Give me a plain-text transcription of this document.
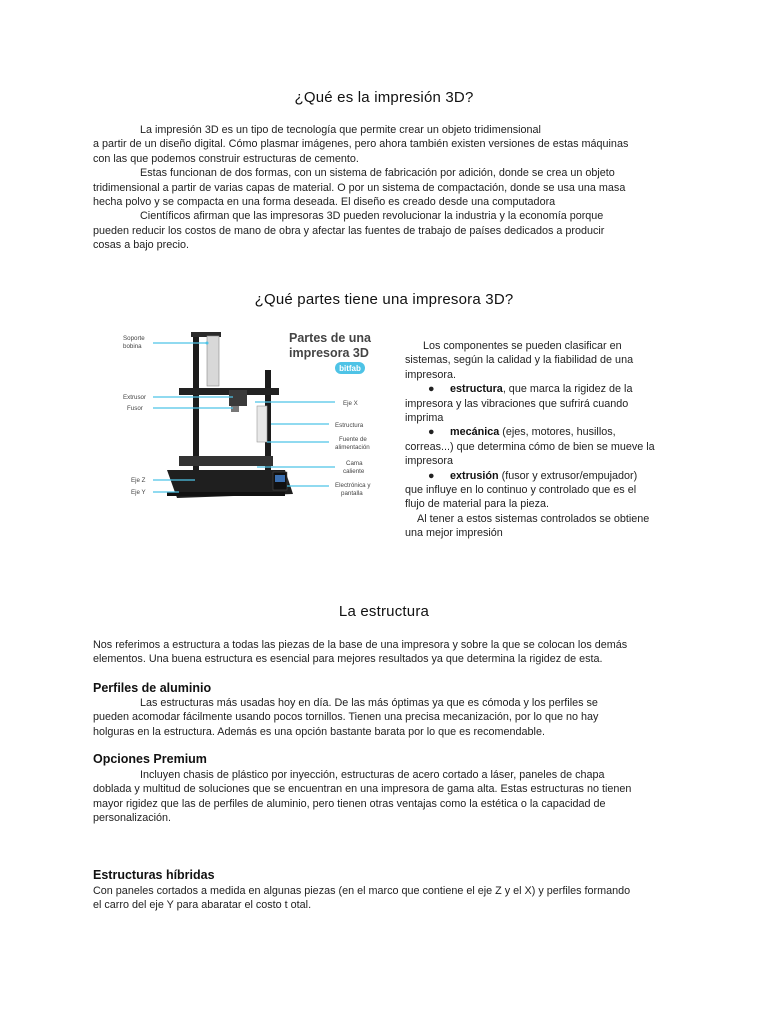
¿Qué es la impresión 3D?
La impresión 3D es un tipo de tecnología que permite crear un objeto tridimensional
a partir de un diseño digital. Cómo plasmar imágenes, pero ahora también existen versiones de estas máquinas
con las que podemos construir estructuras de cemento.
Estas funcionan de dos formas, con un sistema de fabricación por adición, donde se crea un objeto
tridimensional a partir de varias capas de material. O por un sistema de compactación, donde se usa una masa
hecha polvo y se compacta en una forma deseada. El diseño es creado desde una computadora
Científicos afirman que las impresoras 3D pueden revolucionar la industria y la economía porque
pueden reducir los costos de mano de obra y afectar las fuentes de trabajo de países dedicados a producir
cosas a bajo precio.
¿Qué partes tiene una impresora 3D?
Partes de una
impresora 3D
bitfab
Soporte
bobina
Extrusor
Fusor
Eje Z
Eje Y
Eje X
Estructura
Fuente de
alimentación
Cama
caliente
Electrónica y
pantalla
Los componentes se pueden clasificar en
sistemas, según la calidad y la fiabilidad de una
impresora.
● estructura, que marca la rigidez de la
impresora y las vibraciones que sufrirá cuando
imprima
● mecánica (ejes, motores, husillos,
correas...) que determina cómo de bien se mueve la
impresora
● extrusión (fusor y extrusor/empujador)
que influye en lo continuo y controlado que es el
flujo de material para la pieza.
Al tener a estos sistemas controlados se obtiene
una mejor impresión
La estructura
Nos referimos a estructura a todas las piezas de la base de una impresora y sobre la que se colocan los demás
elementos. Una buena estructura es esencial para mejores resultados ya que determina la rigidez de esta.
Perfiles de aluminio
Las estructuras más usadas hoy en día. De las más óptimas ya que es cómoda y los perfiles se
pueden acomodar fácilmente usando pocos tornillos. Tienen una precisa mecanización, por lo que no hay
holguras en la estructura. Además es una opción bastante barata por lo que es recomendable.
Opciones Premium
Incluyen chasis de plástico por inyección, estructuras de acero cortado a láser, paneles de chapa
doblada y multitud de soluciones que se encuentran en una impresora de gama alta. Estas estructuras no tienen
mayor rigidez que las de perfiles de aluminio, pero tienen otras ventajas como la estética o la capacidad de
personalización.
Estructuras híbridas
Con paneles cortados a medida en algunas piezas (en el marco que contiene el eje Z y el X) y perfiles formando
el carro del eje Y para abaratar el costo t otal.
